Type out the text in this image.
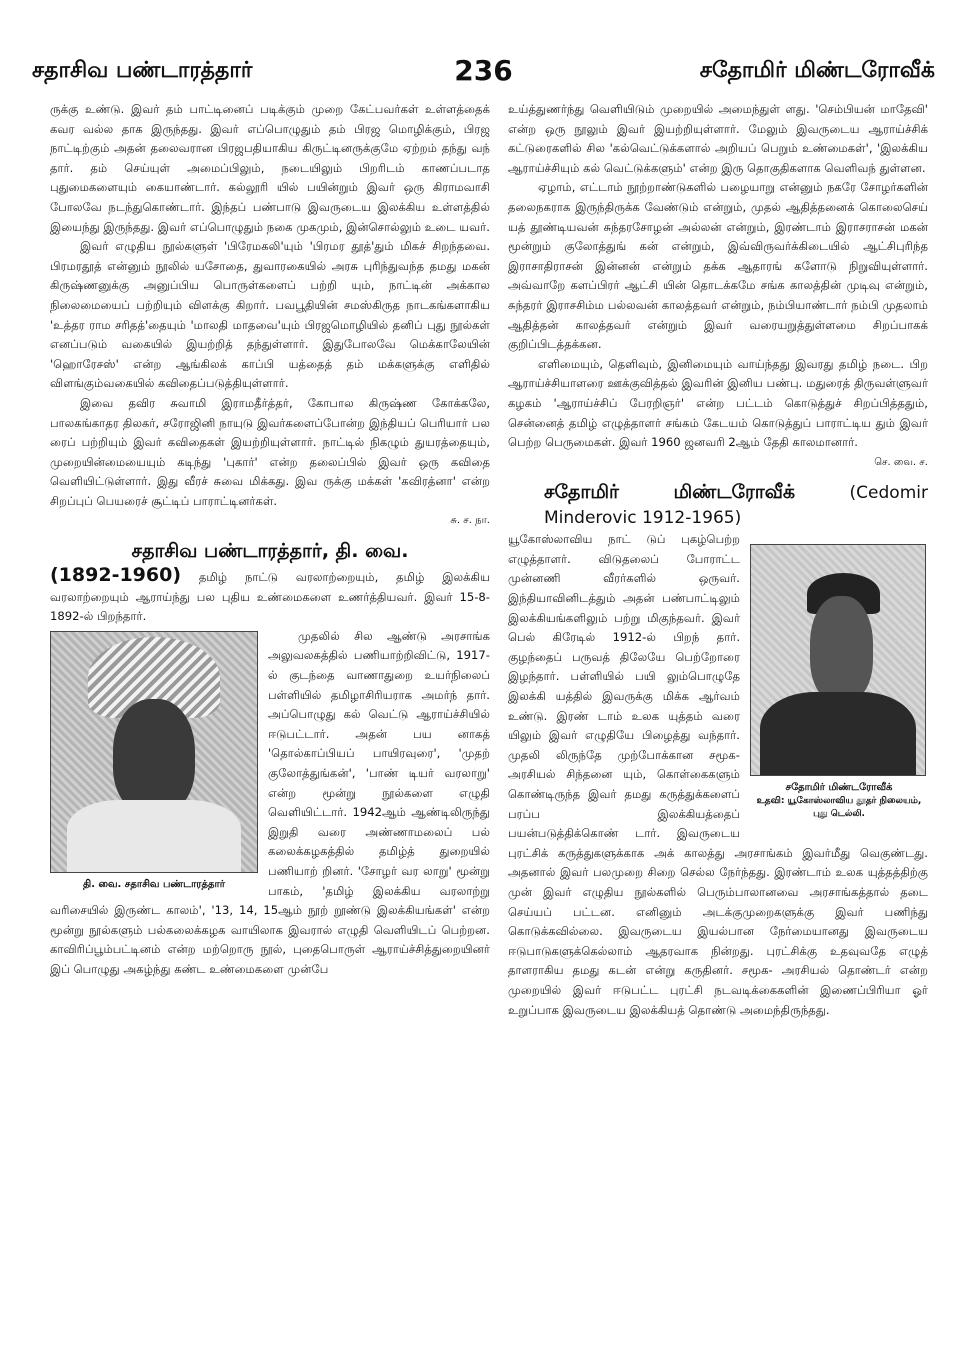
சதாசிவ பண்டாரத்தார்	236	சதோமிர் மிண்டரோவீக்

ருக்கு உண்டு. இவர் தம் பாட்டினைப் படிக்கும் முறை கேட்பவர்கள் உள்ளத்தைக் கவர வல்ல தாக இருந்தது. இவர் எப்பொழுதும் தம் பிரஜ மொழிக்கும், பிரஜ நாட்டிற்கும் அதன் தலைவரான பிரஜபதியாகிய கிருட்டினருக்குமே ஏற்றம் தந்து வந் தார். தம் செய்யுள் அமைப்பிலும், நடையிலும் பிறரிடம் காணப்படாத புதுமைகளையும் கையாண்டார். கல்லூரி யில் பயின்றும் இவர் ஒரு கிராமவாசி போலவே நடந்துகொண்டார். இந்தப் பண்பாடு இவருடைய இலக்கிய உள்ளத்தில் இயைந்து இருந்தது. இவர் எப்பொழுதும் நகை முகமும், இன்சொல்லும் உடை யவர்.

இவர் எழுதிய நூல்களுள் 'பிரேமகலி'யும் 'பிரமர தூத்'தும் மிகச் சிறந்தவை. பிரமரதூத் என்னும் நூலில் யசோதை, துவாரகையில் அரசு புரிந்துவந்த தமது மகன் கிருஷ்ணனுக்கு அனுப்பிய பொருள்களைப் பற்றி யும், நாட்டின் அக்கால நிலைமையைப் பற்றியும் விளக்கு கிறார். பவபூதியின் சமஸ்கிருத நாடகங்களாகிய 'உத்தர ராம சரிதத்'தையும் 'மாலதி மாதவை'யும் பிரஜமொழியில் தனிப் புது நூல்கள் எனப்படும் வகையில் இயற்றித் தந்துள்ளார். இதுபோலவே மெக்காலேயின் 'ஹொரேசஸ்' என்ற ஆங்கிலக் காப்பி யத்தைத் தம் மக்களுக்கு எளிதில் விளங்கும்வகையில் கவிதைப்படுத்தியுள்ளார்.

இவை தவிர சுவாமி இராமதீர்த்தர், கோபால கிருஷ்ண கோக்கலே, பாலகங்காதர திலகர், சரோஜினி நாயுடு இவர்களைப்போன்ற இந்தியப் பெரியார் பல ரைப் பற்றியும் இவர் கவிதைகள் இயற்றியுள்ளார். நாட்டில் நிகழும் துயரத்தையும், முறையின்மையையும் கடிந்து 'புகார்' என்ற தலைப்பில் இவர் ஒரு கவிதை வெளியிட்டுள்ளார். இது வீரச் சுவை மிக்கது. இவ ருக்கு மக்கள் 'கவிரத்னா' என்ற சிறப்புப் பெயரைச் சூட்டிப் பாராட்டினர்கள்.

சு. ச. நா.
சதாசிவ பண்டாரத்தார், தி. வை.

(1892-1960) தமிழ் நாட்டு வரலாற்றையும், தமிழ் இலக்கிய வரலாற்றையும் ஆராய்ந்து பல புதிய உண்மைகளை உணர்த்தியவர். இவர் 15-8-1892-ல் பிறந்தார்.

தி. வை. சதாசிவ பண்டாரத்தார்

முதலில் சில ஆண்டு அரசாங்க அலுவலகத்தில் பணியாற்றிவிட்டு, 1917-ல் குடந்தை வாணாதுறை உயர்நிலைப் பள்ளியில் தமிழாசிரியராக அமர்ந் தார். அப்பொழுது கல் வெட்டு ஆராய்ச்சியில் ஈடுபட்டார். அதன் பய னாகத் 'தொல்காப்பியப் பாயிரவுரை', 'முதற் குலோத்துங்கன்', 'பாண் டியர் வரலாறு' என்ற மூன்று நூல்களை எழுதி வெளியிட்டார். 1942ஆம் ஆண்டிலிருந்து இறுதி வரை அண்ணாமலைப் பல் கலைக்கழகத்தில் தமிழ்த் துறையில் பணியாற் றினர். 'சோழர் வர லாறு' மூன்று பாகம், 'தமிழ் இலக்கிய வரலாற்று வரிசையில் இருண்ட காலம்', '13, 14, 15ஆம் நூற் றூண்டு இலக்கியங்கள்' என்ற மூன்று நூல்களும் பல்கலைக்கழக வாயிலாக இவரால் எழுதி வெளியிடப் பெற்றன. காவிரிப்பூம்பட்டினம் என்ற மற்றொரு நூல், புதைபொருள் ஆராய்ச்சித்துறையினர் இப் பொழுது அகழ்ந்து கண்ட உண்மைகளை முன்பே

உய்த்துணர்ந்து வெளியிடும் முறையில் அமைந்துள் ளது. 'செம்பியன் மாதேவி' என்ற ஒரு நூலும் இவர் இயற்றியுள்ளார். மேலும் இவருடைய ஆராய்ச்சிக் கட்டுரைகளில் சில 'கல்வெட்டுக்களால் அறியப் பெறும் உண்மைகள்', 'இலக்கிய ஆராய்ச்சியும் கல் வெட்டுக்களும்' என்ற இரு தொகுதிகளாக வெளிவந் துள்ளன.

ஏழாம், எட்டாம் நூற்றாண்டுகளில் பழையாறு என்னும் நகரே சோழர்களின் தலைநகராக இருந்திருக்க வேண்டும் என்றும், முதல் ஆதித்தனைக் கொலைசெய் யத் தூண்டியவன் சுந்தரசோழன் அல்லன் என்றும், இரண்டாம் இராசராசன் மகன் மூன்றும் குலோத்துங் கன் என்றும், இவ்விருவர்க்கிடையில் ஆட்சிபுரிந்த இராசாதிராசன் இன்னன் என்றும் தக்க ஆதாரங் களோடு நிறுவியுள்ளார். அவ்வாறே களப்பிரர் ஆட்சி யின் தொடக்கமே சங்க காலத்தின் முடிவு என்றும், சுந்தரர் இராசசிம்ம பல்லவன் காலத்தவர் என்றும், நம்பியாண்டார் நம்பி முதலாம் ஆதித்தன் காலத்தவர் என்றும் இவர் வரையறுத்துள்ளமை சிறப்பாகக் குறிப்பிடத்தக்கன.

எளிமையும், தெளிவும், இனிமையும் வாய்ந்தது இவரது தமிழ் நடை. பிற ஆராய்ச்சியாளரை ஊக்குவித்தல் இவரின் இனிய பண்பு. மதுரைத் திருவள்ளுவர் கழகம் 'ஆராய்ச்சிப் பேரறிஞர்' என்ற பட்டம் கொடுத்துச் சிறப்பித்ததும், சென்னைத் தமிழ் எழுத்தாளர் சங்கம் கேடயம் கொடுத்துப் பாராட்டிய தும் இவர் பெற்ற பெருமைகள். இவர் 1960 ஜனவரி 2ஆம் தேதி காலமானார்.

செ. வை. ச.
சதோமிர் மிண்டரோவீக்	(Cedomir Minderovic 1912-1965)
சதோமிர் மிண்டரோவீக்
உதவி: யூகோஸ்லாவிய தூதர் நிலையம், புது டெல்லி.

யூகோஸ்லாவிய நாட் டுப் புகழ்பெற்ற எழுத்தாளர். விடுதலைப் போராட்ட முன்னணி வீரர்களில் ஒருவர். இந்தியாவினிடத்தும் அதன் பண்பாட்டிலும் இலக்கியங்களிலும் பற்று மிகுந்தவர். இவர் பெல் கிரேடில் 1912-ல் பிறந் தார். குழந்தைப் பருவத் திலேயே பெற்றோரை இழந்தார். பள்ளியில் பயி லும்பொழுதே இலக்கி யத்தில் இவருக்கு மிக்க ஆர்வம் உண்டு. இரண் டாம் உலக யுத்தம் வரை யிலும் இவர் எழுதியே பிழைத்து வந்தார். முதலி லிருந்தே முற்போக்கான சமூக-அரசியல் சிந்தனை யும், கொள்கைகளும் கொண்டிருந்த இவர் தமது கருத்துக்களைப் பரப்ப இலக்கியத்தைப் பயன்படுத்திக்கொண் டார். இவருடைய புரட்சிக் கருத்துகளுக்காக அக் காலத்து அரசாங்கம் இவர்மீது வெகுண்டது. அதனால் இவர் பலமுறை சிறை செல்ல நேர்ந்தது. இரண்டாம் உலக யுத்தத்திற்கு முன் இவர் எழுதிய நூல்களில் பெரும்பாலானவை அரசாங்கத்தால் தடை செய்யப் பட்டன. எனினும் அடக்குமுறைகளுக்கு இவர் பணிந்து கொடுக்கவில்லை. இவருடைய இயல்பான நேர்மையானது இவருடைய ஈடுபாடுகளுக்கெல்லாம் ஆதரவாக நின்றது. புரட்சிக்கு உதவுவதே எழுத் தாளராகிய தமது கடன் என்று கருதினர். சமூக- அரசியல் தொண்டர் என்ற முறையில் இவர் ஈடுபட்ட புரட்சி நடவடிக்கைகளின் இணைப்பிரியா ஓர் உறுப்பாக இவருடைய இலக்கியத் தொண்டு அமைந்திருந்தது.
